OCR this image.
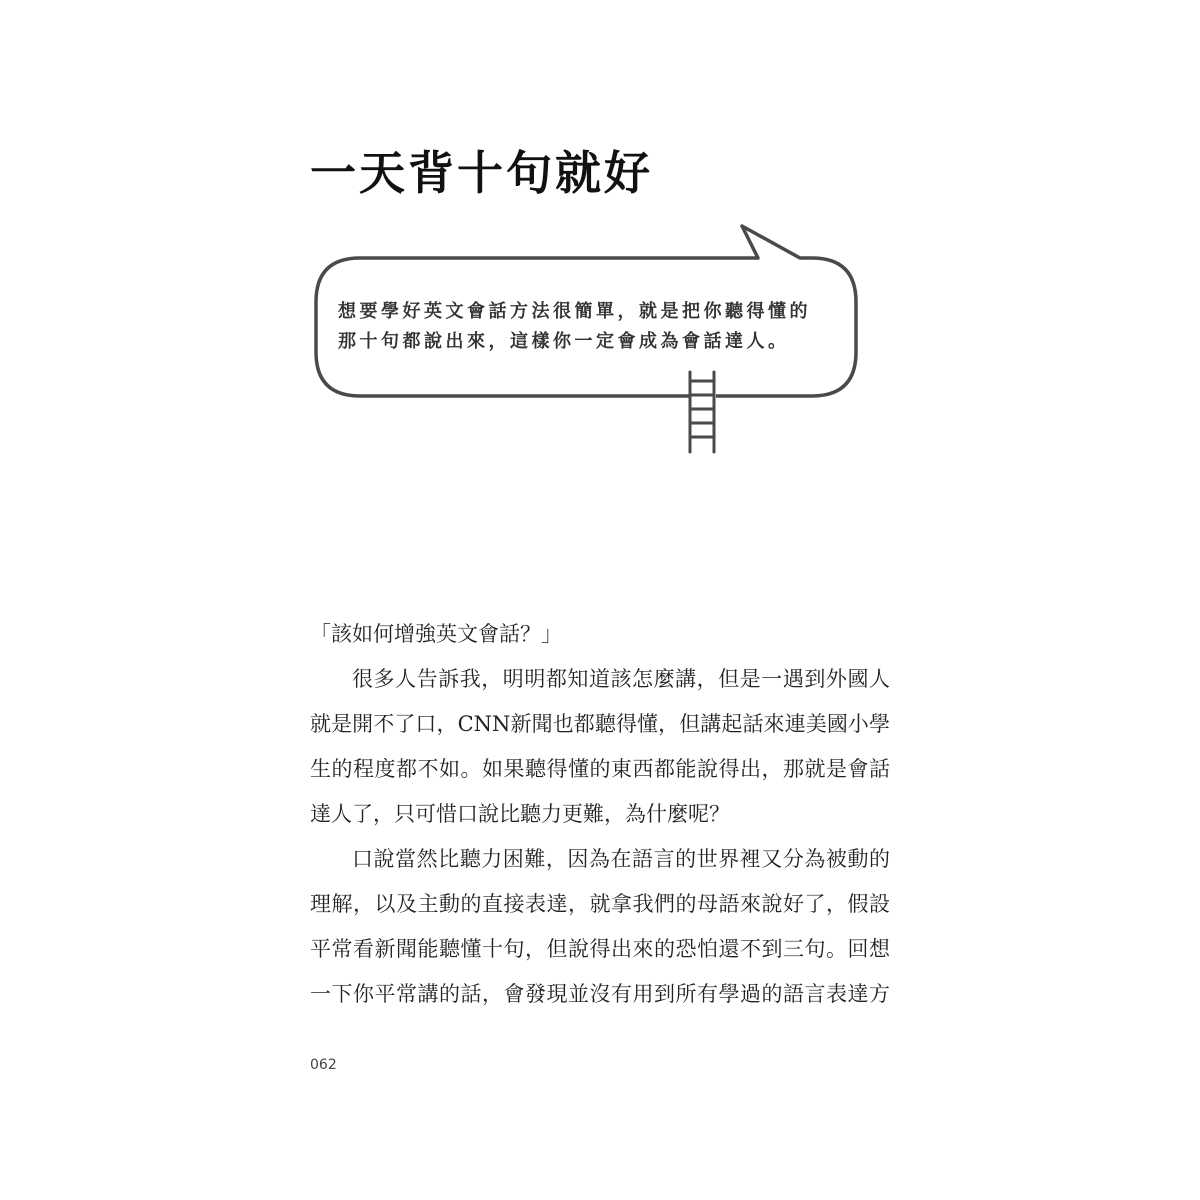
一天背十句就好
想要學好英文會話方法很簡單，就是把你聽得懂的
那十句都說出來，這樣你一定會成為會話達人。
「該如何增強英文會話？」
很多人告訴我，明明都知道該怎麼講，但是一遇到外國人
就是開不了口，CNN新聞也都聽得懂，但講起話來連美國小學
生的程度都不如。如果聽得懂的東西都能說得出，那就是會話
達人了，只可惜口說比聽力更難，為什麼呢？
口說當然比聽力困難，因為在語言的世界裡又分為被動的
理解，以及主動的直接表達，就拿我們的母語來說好了，假設
平常看新聞能聽懂十句，但說得出來的恐怕還不到三句。回想
一下你平常講的話，會發現並沒有用到所有學過的語言表達方
062
